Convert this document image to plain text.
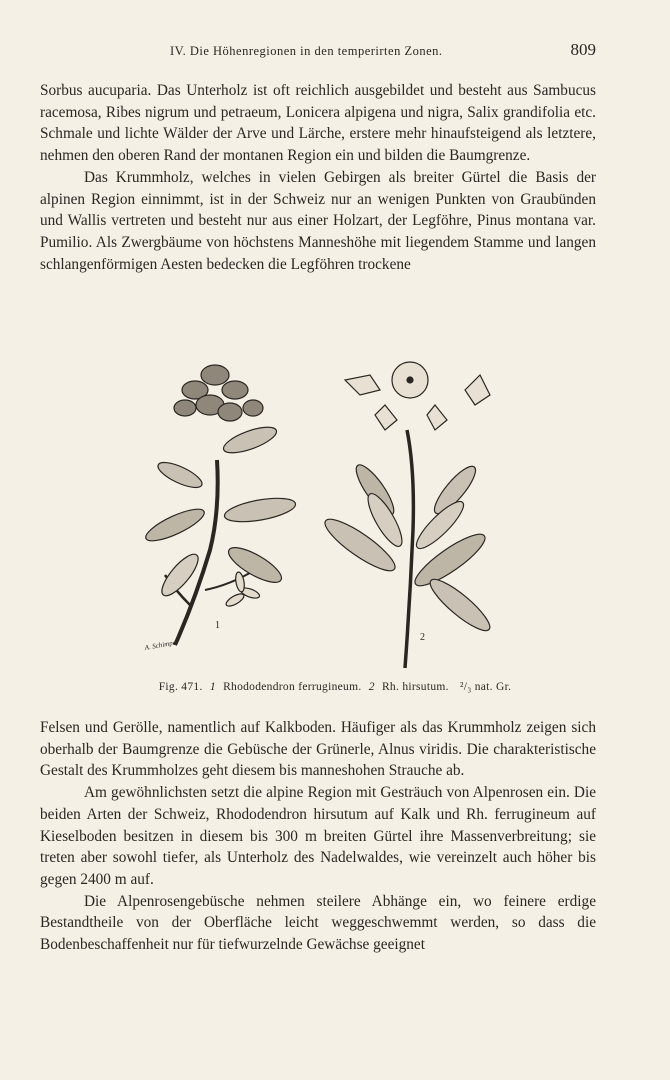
IV. Die Höhenregionen in den temperirten Zonen.	809

Sorbus aucuparia. Das Unterholz ist oft reichlich ausgebildet und besteht aus Sambucus racemosa, Ribes nigrum und petraeum, Lonicera alpigena und nigra, Salix grandifolia etc. Schmale und lichte Wälder der Arve und Lärche, erstere mehr hinaufsteigend als letztere, nehmen den oberen Rand der montanen Region ein und bilden die Baumgrenze.

Das Krummholz, welches in vielen Gebirgen als breiter Gürtel die Basis der alpinen Region einnimmt, ist in der Schweiz nur an wenigen Punkten von Graubünden und Wallis vertreten und besteht nur aus einer Holzart, der Legföhre, Pinus montana var. Pumilio. Als Zwergbäume von höchstens Manneshöhe mit liegendem Stamme und langen schlangenförmigen Aesten bedecken die Legföhren trockene

1
2
A. Schimper
Fig. 471. 1 Rhododendron ferrugineum. 2 Rh. hirsutum. ²/₃ nat. Gr.

Felsen und Gerölle, namentlich auf Kalkboden. Häufiger als das Krummholz zeigen sich oberhalb der Baumgrenze die Gebüsche der Grünerle, Alnus viridis. Die charakteristische Gestalt des Krummholzes geht diesem bis manneshohen Strauche ab.

Am gewöhnlichsten setzt die alpine Region mit Gesträuch von Alpenrosen ein. Die beiden Arten der Schweiz, Rhododendron hirsutum auf Kalk und Rh. ferrugineum auf Kieselboden besitzen in diesem bis 300 m breiten Gürtel ihre Massenverbreitung; sie treten aber sowohl tiefer, als Unterholz des Nadelwaldes, wie vereinzelt auch höher bis gegen 2400 m auf.

Die Alpenrosengebüsche nehmen steilere Abhänge ein, wo feinere erdige Bestandtheile von der Oberfläche leicht weggeschwemmt werden, so dass die Bodenbeschaffenheit nur für tiefwurzelnde Gewächse geeignet
